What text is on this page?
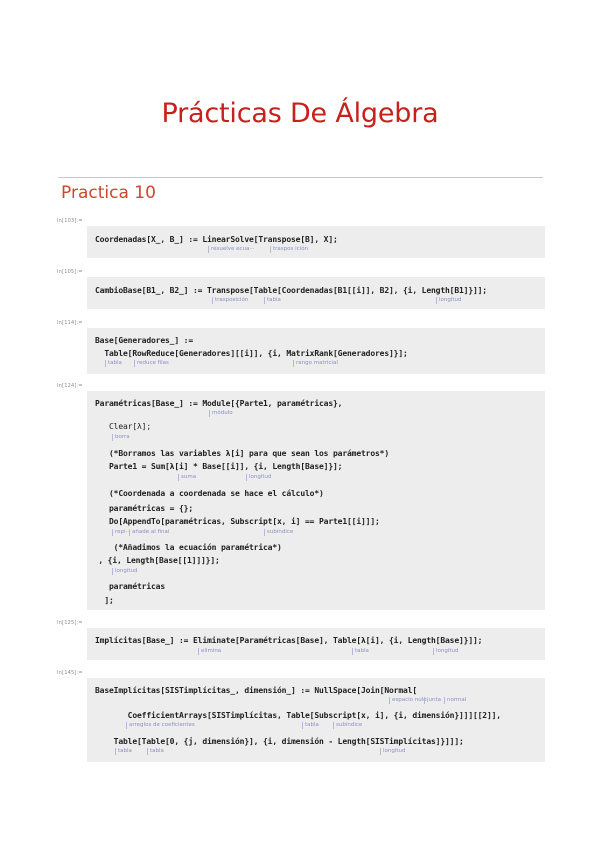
Prácticas De Álgebra
Practica 10
In[103]:=
Coordenadas[X_, B_] := LinearSolve[Transpose[B], X];
resuelve ecua···	traspos ición
In[105]:=
CambioBase[B1_, B2_] := Transpose[Table[Coordenadas[B1[[i]], B2], {i, Length[B1]}]];
trasposición	tabla	longitud
In[114]:=
Base[Generadores_] :=
Table[RowReduce[Generadores][[i]], {i, MatrixRank[Generadores]}];
tabla	reduce filas	rango matricial
In[124]:=
Paramétricas[Base_] := Module[{Parte1, paramétricas},
módulo
Clear[λ];
borra
(*Borramos las variables λ[i] para que sean los parámetros*)
Parte1 = Sum[λ[i] * Base[[i]], {i, Length[Base]}];
suma	longitud
(*Coordenada a coordenada se hace el cálculo*)
paramétricas = {};
Do[AppendTo[paramétricas, Subscript[x, i] == Parte1[[i]]];
repi··· añade al final	subíndice
(*Añadimos la ecuación paramétrica*)
, {i, Length[Base[[1]]]}];
longitud
paramétricas
];
In[125]:=
Implícitas[Base_] := Eliminate[Paramétricas[Base], Table[λ[i], {i, Length[Base]}]];
elimina	tabla	longitud
In[145]:=
BaseImplícitas[SISTimplícitas_, dimensión_] := NullSpace[Join[Normal[
espacio nulo junta normal
CoefficientArrays[SISTimplícitas, Table[Subscript[x, i], {i, dimensión}]]][[2]],
arreglos de coeficientes	tabla	subíndice
Table[Table[0, {j, dimensión}], {i, dimensión - Length[SISTimplícitas]}]]];
tabla	tabla	longitud
